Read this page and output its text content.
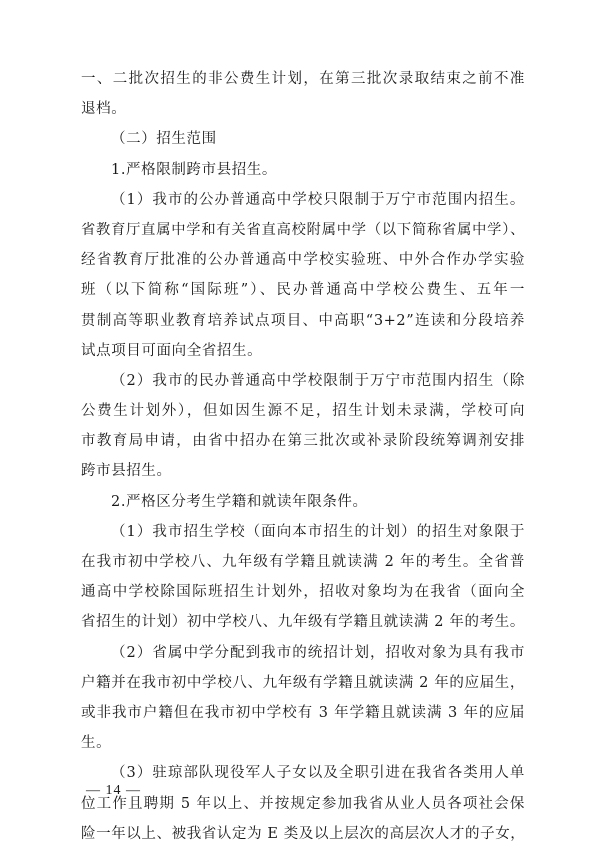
一、二批次招生的非公费生计划，在第三批次录取结束之前不准
退档。
（二）招生范围
1.严格限制跨市县招生。
（1）我市的公办普通高中学校只限制于万宁市范围内招生。
省教育厅直属中学和有关省直高校附属中学（以下简称省属中学）、
经省教育厅批准的公办普通高中学校实验班、中外合作办学实验
班（以下简称“国际班”）、民办普通高中学校公费生、五年一
贯制高等职业教育培养试点项目、中高职“3+2”连读和分段培养
试点项目可面向全省招生。
（2）我市的民办普通高中学校限制于万宁市范围内招生（除
公费生计划外），但如因生源不足，招生计划未录满，学校可向
市教育局申请，由省中招办在第三批次或补录阶段统筹调剂安排
跨市县招生。
2.严格区分考生学籍和就读年限条件。
（1）我市招生学校（面向本市招生的计划）的招生对象限于
在我市初中学校八、九年级有学籍且就读满 2 年的考生。全省普
通高中学校除国际班招生计划外，招收对象均为在我省（面向全
省招生的计划）初中学校八、九年级有学籍且就读满 2 年的考生。
（2）省属中学分配到我市的统招计划，招收对象为具有我市
户籍并在我市初中学校八、九年级有学籍且就读满 2 年的应届生，
或非我市户籍但在我市初中学校有 3 年学籍且就读满 3 年的应届
生。
（3）驻琼部队现役军人子女以及全职引进在我省各类用人单
位工作且聘期 5 年以上、并按规定参加我省从业人员各项社会保
险一年以上、被我省认定为 E 类及以上层次的高层次人才的子女，
— 14 —
